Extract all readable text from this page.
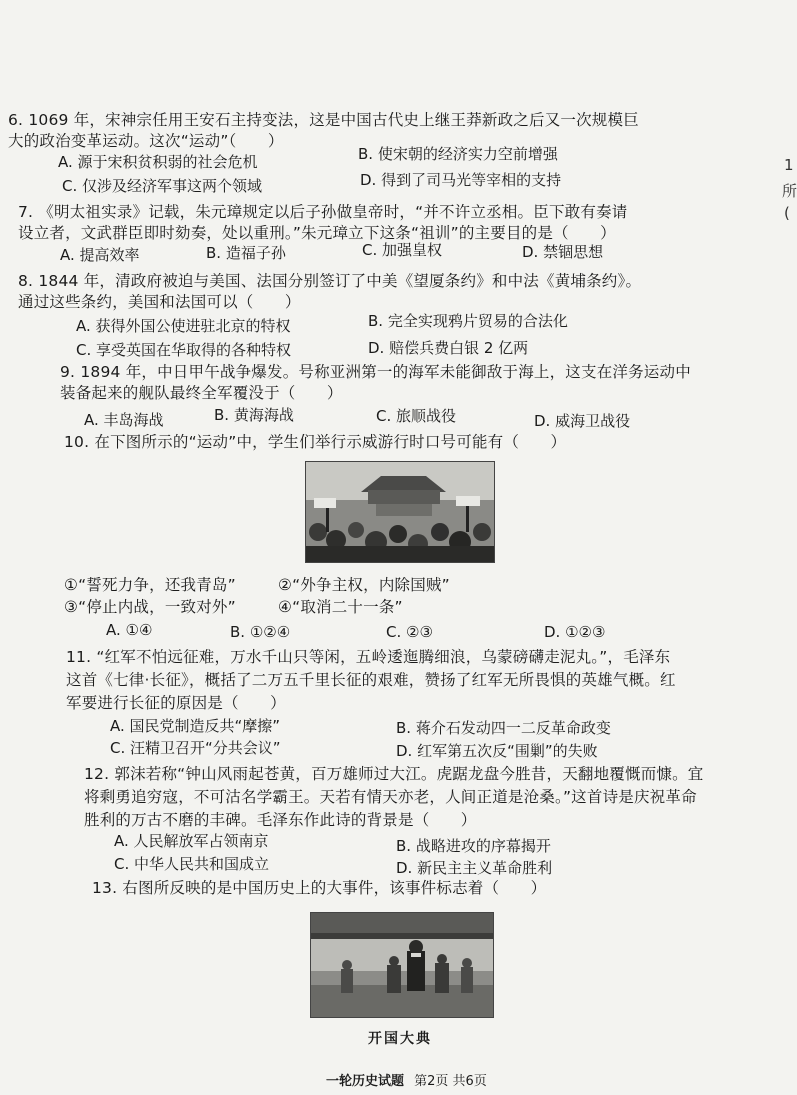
1
所
(
6. 1069 年，宋神宗任用王安石主持变法，这是中国古代史上继王莽新政之后又一次规模巨
大的政治变革运动。这次“运动”（　　）
A. 源于宋积贫积弱的社会危机	B. 使宋朝的经济实力空前增强
C. 仅涉及经济军事这两个领域	D. 得到了司马光等宰相的支持
7. 《明太祖实录》记载，朱元璋规定以后子孙做皇帝时，“并不许立丞相。臣下敢有奏请
设立者，文武群臣即时劾奏，处以重刑。”朱元璋立下这条“祖训”的主要目的是（　　）
A. 提高效率	B. 造福子孙	C. 加强皇权	D. 禁锢思想
8. 1844 年，清政府被迫与美国、法国分别签订了中美《望厦条约》和中法《黄埔条约》。
通过这些条约，美国和法国可以（　　）
A. 获得外国公使进驻北京的特权	B. 完全实现鸦片贸易的合法化
C. 享受英国在华取得的各种特权	D. 赔偿兵费白银 2 亿两
9. 1894 年，中日甲午战争爆发。号称亚洲第一的海军未能御敌于海上，这支在洋务运动中
装备起来的舰队最终全军覆没于（　　）
A. 丰岛海战	B. 黄海海战	C. 旅顺战役	D. 威海卫战役
10. 在下图所示的“运动”中，学生们举行示威游行时口号可能有（　　）
①“誓死力争，还我青岛”	②“外争主权，内除国贼”
③“停止内战，一致对外”	④“取消二十一条”
A. ①④	B. ①②④	C. ②③	D. ①②③
11. “红军不怕远征难，万水千山只等闲，五岭逶迤腾细浪，乌蒙磅礴走泥丸。”，毛泽东
这首《七律·长征》，概括了二万五千里长征的艰难，赞扬了红军无所畏惧的英雄气概。红
军要进行长征的原因是（　　）
A. 国民党制造反共“摩擦”	B. 蒋介石发动四一二反革命政变
C. 汪精卫召开“分共会议”	D. 红军第五次反“围剿”的失败
12. 郭沫若称“钟山风雨起苍黄，百万雄师过大江。虎踞龙盘今胜昔，天翻地覆慨而慷。宜
将剩勇追穷寇，不可沽名学霸王。天若有情天亦老，人间正道是沧桑。”这首诗是庆祝革命
胜利的万古不磨的丰碑。毛泽东作此诗的背景是（　　）
A. 人民解放军占领南京	B. 战略进攻的序幕揭开
C. 中华人民共和国成立	D. 新民主主义革命胜利
13. 右图所反映的是中国历史上的大事件，该事件标志着（　　）
开国大典
一轮历史试题 第2页 共6页
